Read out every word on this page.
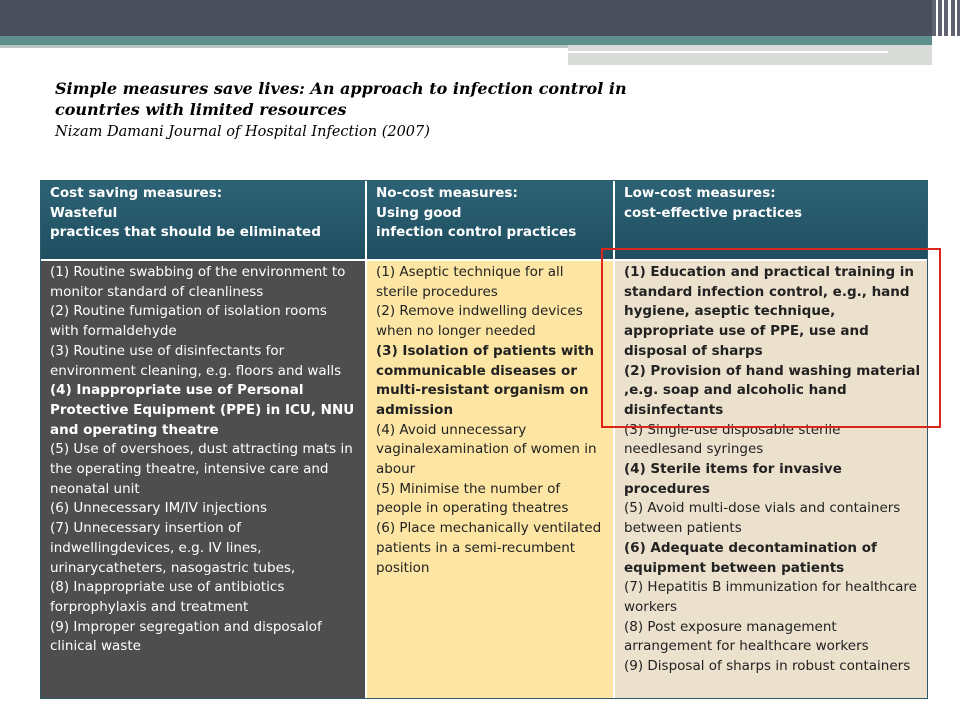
Simple measures save lives: An approach to infection control in countries with limited resources
Nizam Damani Journal of Hospital Infection (2007)
Cost saving measures:
Wasteful
practices that should be eliminated
No-cost measures:
Using good
infection control practices
Low-cost measures:
cost-effective practices

(1) Routine swabbing of the environment to monitor standard of cleanliness

(2) Routine fumigation of isolation rooms with formaldehyde

(3) Routine use of disinfectants for environment cleaning, e.g. floors and walls

(4) Inappropriate use of Personal Protective Equipment (PPE) in ICU, NNU and operating theatre

(5) Use of overshoes, dust attracting mats in the operating theatre, intensive care and neonatal unit

(6) Unnecessary IM/IV injections

(7) Unnecessary insertion of indwellingdevices, e.g. IV lines, urinarycatheters, nasogastric tubes,

(8) Inappropriate use of antibiotics forprophylaxis and treatment

(9) Improper segregation and disposalof clinical waste

(1) Aseptic technique for all sterile procedures

(2) Remove indwelling devices when no longer needed

(3) Isolation of patients with communicable diseases or multi-resistant organism on admission

(4) Avoid unnecessary vaginalexamination of women in abour

(5) Minimise the number of people in operating theatres

(6) Place mechanically ventilated patients in a semi-recumbent position

(1) Education and practical training in standard infection control, e.g., hand hygiene, aseptic technique, appropriate use of PPE, use and disposal of sharps

(2) Provision of hand washing material ,e.g. soap and alcoholic hand disinfectants

(3) Single-use disposable sterile needlesand syringes

(4) Sterile items for invasive procedures

(5) Avoid multi-dose vials and containers between patients

(6) Adequate decontamination of equipment between patients

(7) Hepatitis B immunization for healthcare workers

(8) Post exposure management arrangement for healthcare workers

(9) Disposal of sharps in robust containers
